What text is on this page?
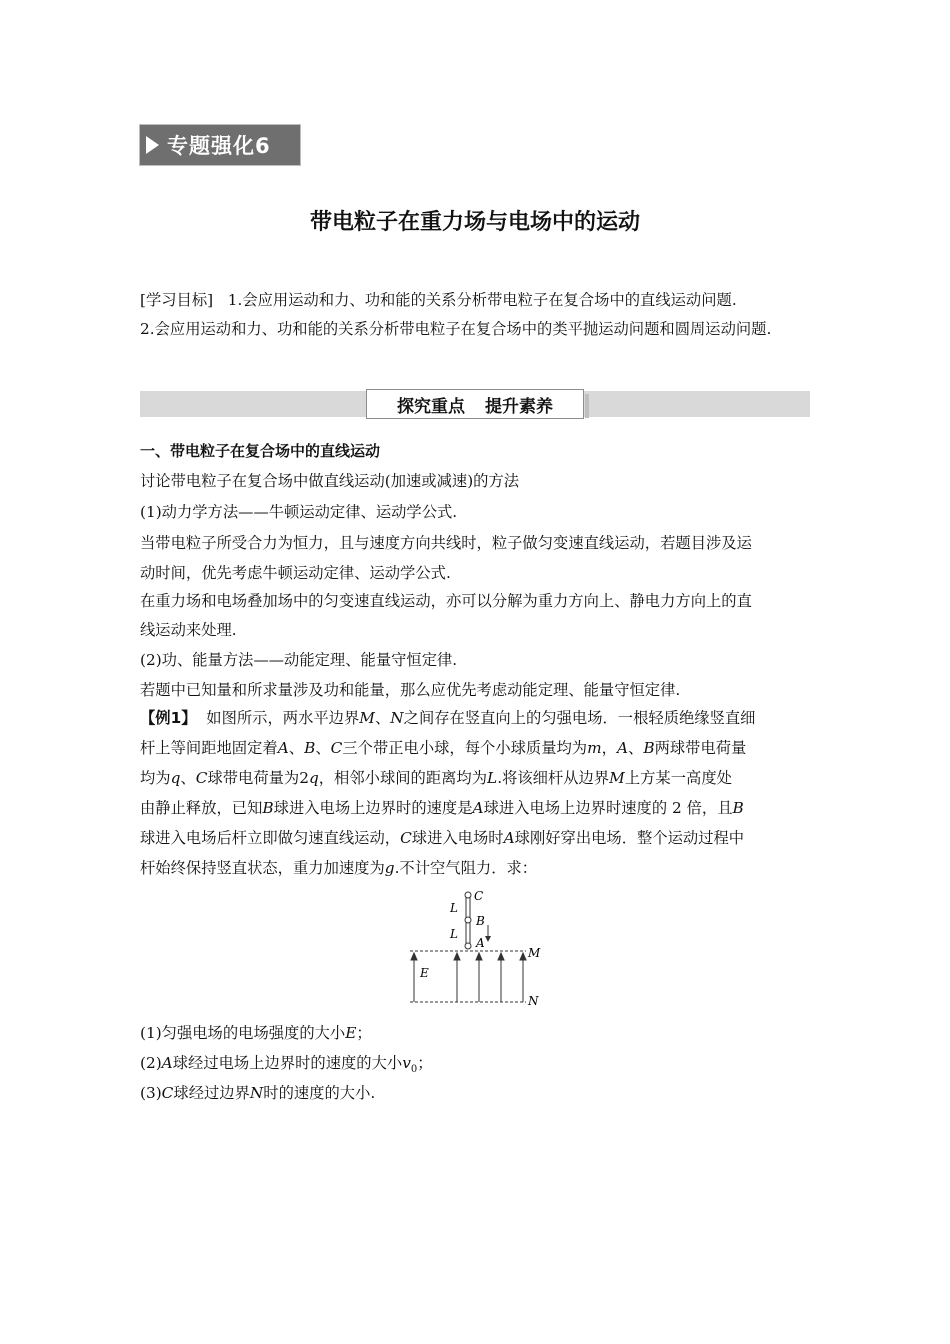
专题强化6
带电粒子在重力场与电场中的运动
[学习目标] 1.会应用运动和力、功和能的关系分析带电粒子在复合场中的直线运动问题.
2.会应用运动和力、功和能的关系分析带电粒子在复合场中的类平抛运动问题和圆周运动问题.
探究重点 提升素养
一、带电粒子在复合场中的直线运动
讨论带电粒子在复合场中做直线运动(加速或减速)的方法
(1)动力学方法——牛顿运动定律、运动学公式.
当带电粒子所受合力为恒力，且与速度方向共线时，粒子做匀变速直线运动，若题目涉及运
动时间，优先考虑牛顿运动定律、运动学公式.
在重力场和电场叠加场中的匀变速直线运动，亦可以分解为重力方向上、静电力方向上的直
线运动来处理.
(2)功、能量方法——动能定理、能量守恒定律.
若题中已知量和所求量涉及功和能量，那么应优先考虑动能定理、能量守恒定律.
【例1】 如图所示，两水平边界M、N之间存在竖直向上的匀强电场．一根轻质绝缘竖直细
杆上等间距地固定着A、B、C三个带正电小球，每个小球质量均为m，A、B两球带电荷量
均为q、C球带电荷量为2q，相邻小球间的距离均为L.将该细杆从边界M上方某一高度处
由静止释放，已知B球进入电场上边界时的速度是A球进入电场上边界时速度的 2 倍，且B
球进入电场后杆立即做匀速直线运动，C球进入电场时A球刚好穿出电场．整个运动过程中
杆始终保持竖直状态，重力加速度为g.不计空气阻力．求：
C
B
A
L
L
M
N
E
(1)匀强电场的电场强度的大小E；
(2)A球经过电场上边界时的速度的大小$v_0$；
(3)C球经过边界N时的速度的大小.
